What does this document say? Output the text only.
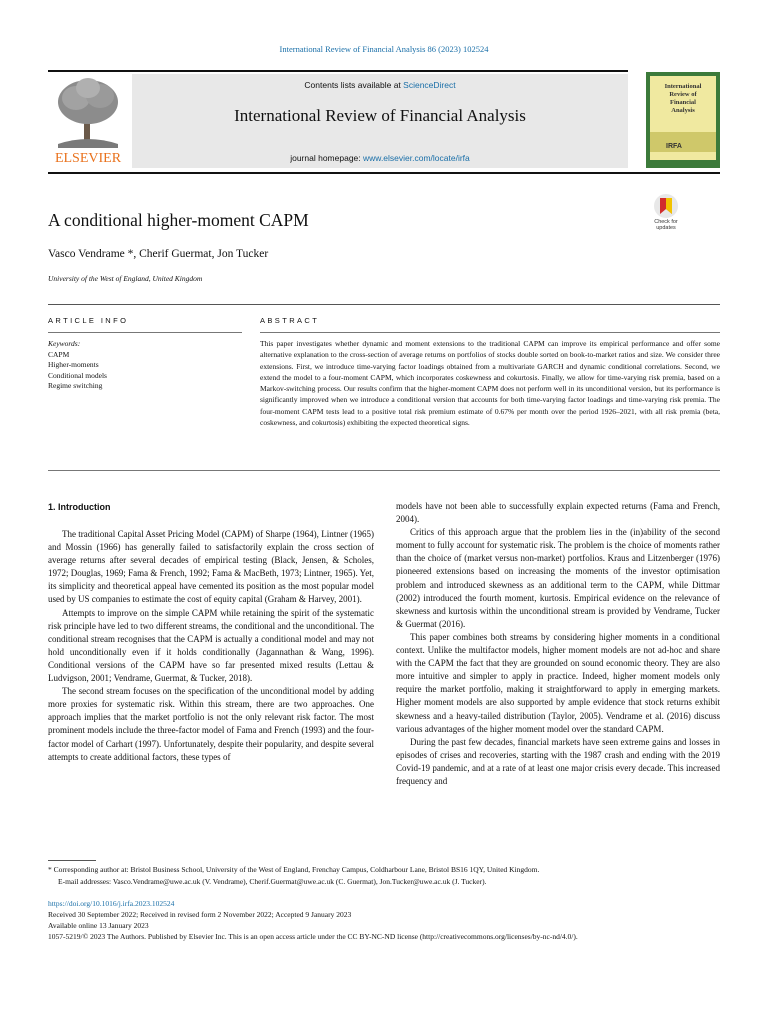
International Review of Financial Analysis 86 (2023) 102524
ELSEVIER
Contents lists available at ScienceDirect
International Review of Financial Analysis
journal homepage: www.elsevier.com/locate/irfa
International
Review of
Financial
Analysis
IRFA
Check for
updates
A conditional higher-moment CAPM
Vasco Vendrame *, Cherif Guermat, Jon Tucker
University of the West of England, United Kingdom
ARTICLE INFO
Keywords:
CAPM
Higher-moments
Conditional models
Regime switching
ABSTRACT
This paper investigates whether dynamic and moment extensions to the traditional CAPM can improve its empirical performance and offer some alternative explanation to the cross-section of average returns on portfolios of stocks double sorted on book-to-market ratios and size. We consider three extensions. First, we introduce time-varying factor loadings obtained from a multivariate GARCH and dynamic conditional correlations. Second, we extend the model to a four-moment CAPM, which incorporates coskewness and cokurtosis. Finally, we allow for time-varying risk premia, based on a Markov-switching process. Our results confirm that the higher-moment CAPM does not perform well in its unconditional version, but its performance is significantly improved when we introduce a conditional version that accounts for both time-varying factor loadings and time-varying risk premia. The four-moment CAPM tests lead to a positive total risk premium estimate of 0.67% per month over the period 1926–2021, with all risk premia (beta, coskewness, and cokurtosis) exhibiting the expected theoretical signs.
1. Introduction

The traditional Capital Asset Pricing Model (CAPM) of Sharpe (1964), Lintner (1965) and Mossin (1966) has generally failed to satisfactorily explain the cross section of average returns after several decades of empirical testing (Black, Jensen, & Scholes, 1972; Douglas, 1969; Fama & French, 1992; Fama & MacBeth, 1973; Lintner, 1965). Yet, its simplicity and theoretical appeal have cemented its position as the most popular model used by US companies to estimate the cost of equity capital (Graham & Harvey, 2001).

Attempts to improve on the simple CAPM while retaining the spirit of the systematic risk principle have led to two different streams, the conditional and the unconditional. The conditional stream recognises that the CAPM is actually a conditional model and may not hold unconditionally even if it holds conditionally (Jagannathan & Wang, 1996). Conditional versions of the CAPM have so far presented mixed results (Lettau & Ludvigson, 2001; Vendrame, Guermat, & Tucker, 2018).

The second stream focuses on the specification of the unconditional model by adding more proxies for systematic risk. Within this stream, there are two approaches. One approach implies that the market portfolio is not the only relevant risk factor. The most prominent models include the three-factor model of Fama and French (1993) and the four-factor model of Carhart (1997). Unfortunately, despite their popularity, and despite several attempts to create additional factors, these types of

models have not been able to successfully explain expected returns (Fama and French, 2004).

Critics of this approach argue that the problem lies in the (in)ability of the second moment to fully account for systematic risk. The problem is the choice of moments rather than the choice of (market versus non-market) portfolios. Kraus and Litzenberger (1976) pioneered extensions based on increasing the moments of the investor optimisation problem and introduced skewness as an additional term to the CAPM, while Dittmar (2002) introduced the fourth moment, kurtosis. Empirical evidence on the relevance of skewness and kurtosis within the unconditional stream is provided by Vendrame, Tucker & Guermat (2016).

This paper combines both streams by considering higher moments in a conditional context. Unlike the multifactor models, higher moment models are not ad-hoc and share with the CAPM the fact that they are grounded on sound economic theory. They are also more intuitive and simpler to apply in practice. Indeed, higher moment models only require the market portfolio, making it straightforward to apply in emerging markets. Higher moment models are also supported by ample evidence that stock returns exhibit skewness and a heavy-tailed distribution (Taylor, 2005). Vendrame et al. (2016) discuss various advantages of the higher moment model over the standard CAPM.

During the past few decades, financial markets have seen extreme gains and losses in episodes of crises and recoveries, starting with the 1987 crash and ending with the 2019 Covid-19 pandemic, and at a rate of at least one major crisis every decade. This increased frequency and

* Corresponding author at: Bristol Business School, University of the West of England, Frenchay Campus, Coldharbour Lane, Bristol BS16 1QY, United Kingdom.

E-mail addresses: Vasco.Vendrame@uwe.ac.uk (V. Vendrame), Cherif.Guermat@uwe.ac.uk (C. Guermat), Jon.Tucker@uwe.ac.uk (J. Tucker).

https://doi.org/10.1016/j.irfa.2023.102524

Received 30 September 2022; Received in revised form 2 November 2022; Accepted 9 January 2023

Available online 13 January 2023

1057-5219/© 2023 The Authors. Published by Elsevier Inc. This is an open access article under the CC BY-NC-ND license (http://creativecommons.org/licenses/by-nc-nd/4.0/).
